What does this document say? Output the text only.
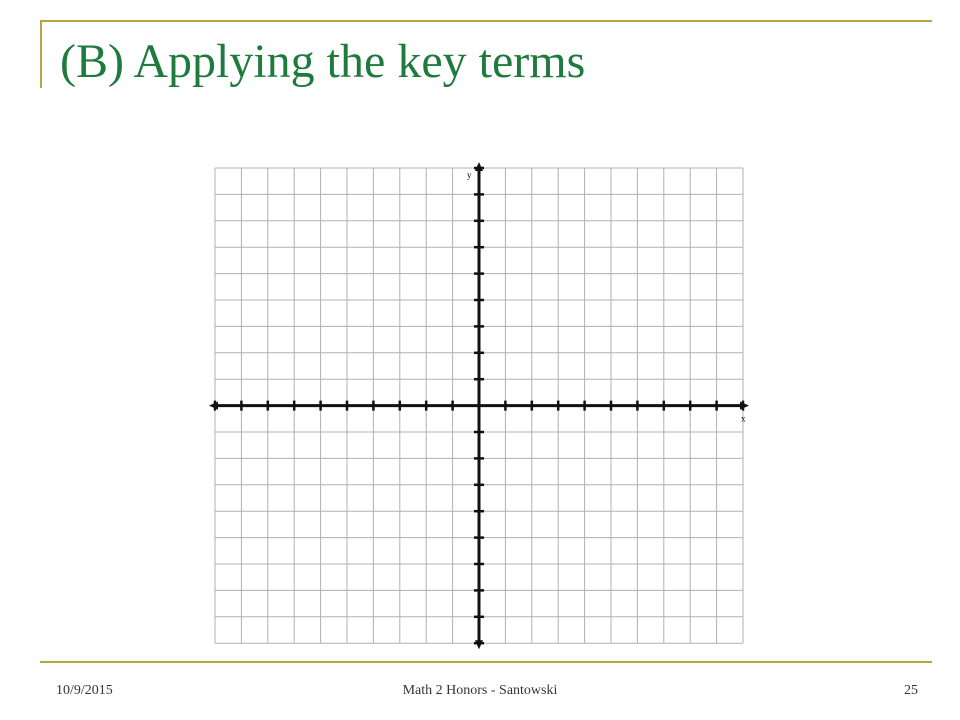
(B) Applying the key terms
y
x
10/9/2015	Math 2 Honors - Santowski	25
